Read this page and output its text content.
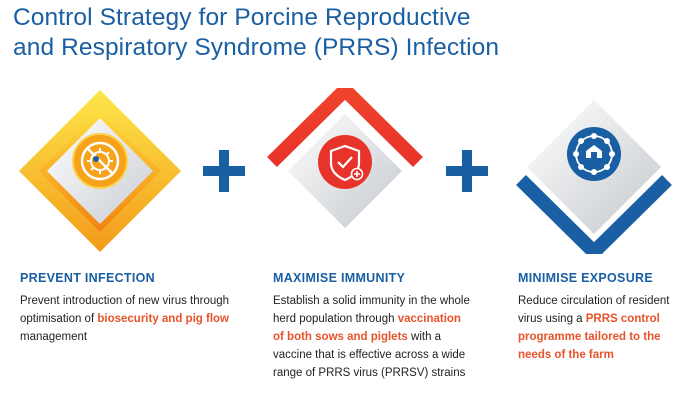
Control Strategy for Porcine Reproductive
and Respiratory Syndrome (PRRS) Infection
PREVENT INFECTION
Prevent introduction of new virus through optimisation of biosecurity and pig flow management
MAXIMISE IMMUNITY
Establish a solid immunity in the whole herd population through vaccination of both sows and piglets with a vaccine that is effective across a wide range of PRRS virus (PRRSV) strains
MINIMISE EXPOSURE
Reduce circulation of resident virus using a PRRS control programme tailored to the needs of the farm
